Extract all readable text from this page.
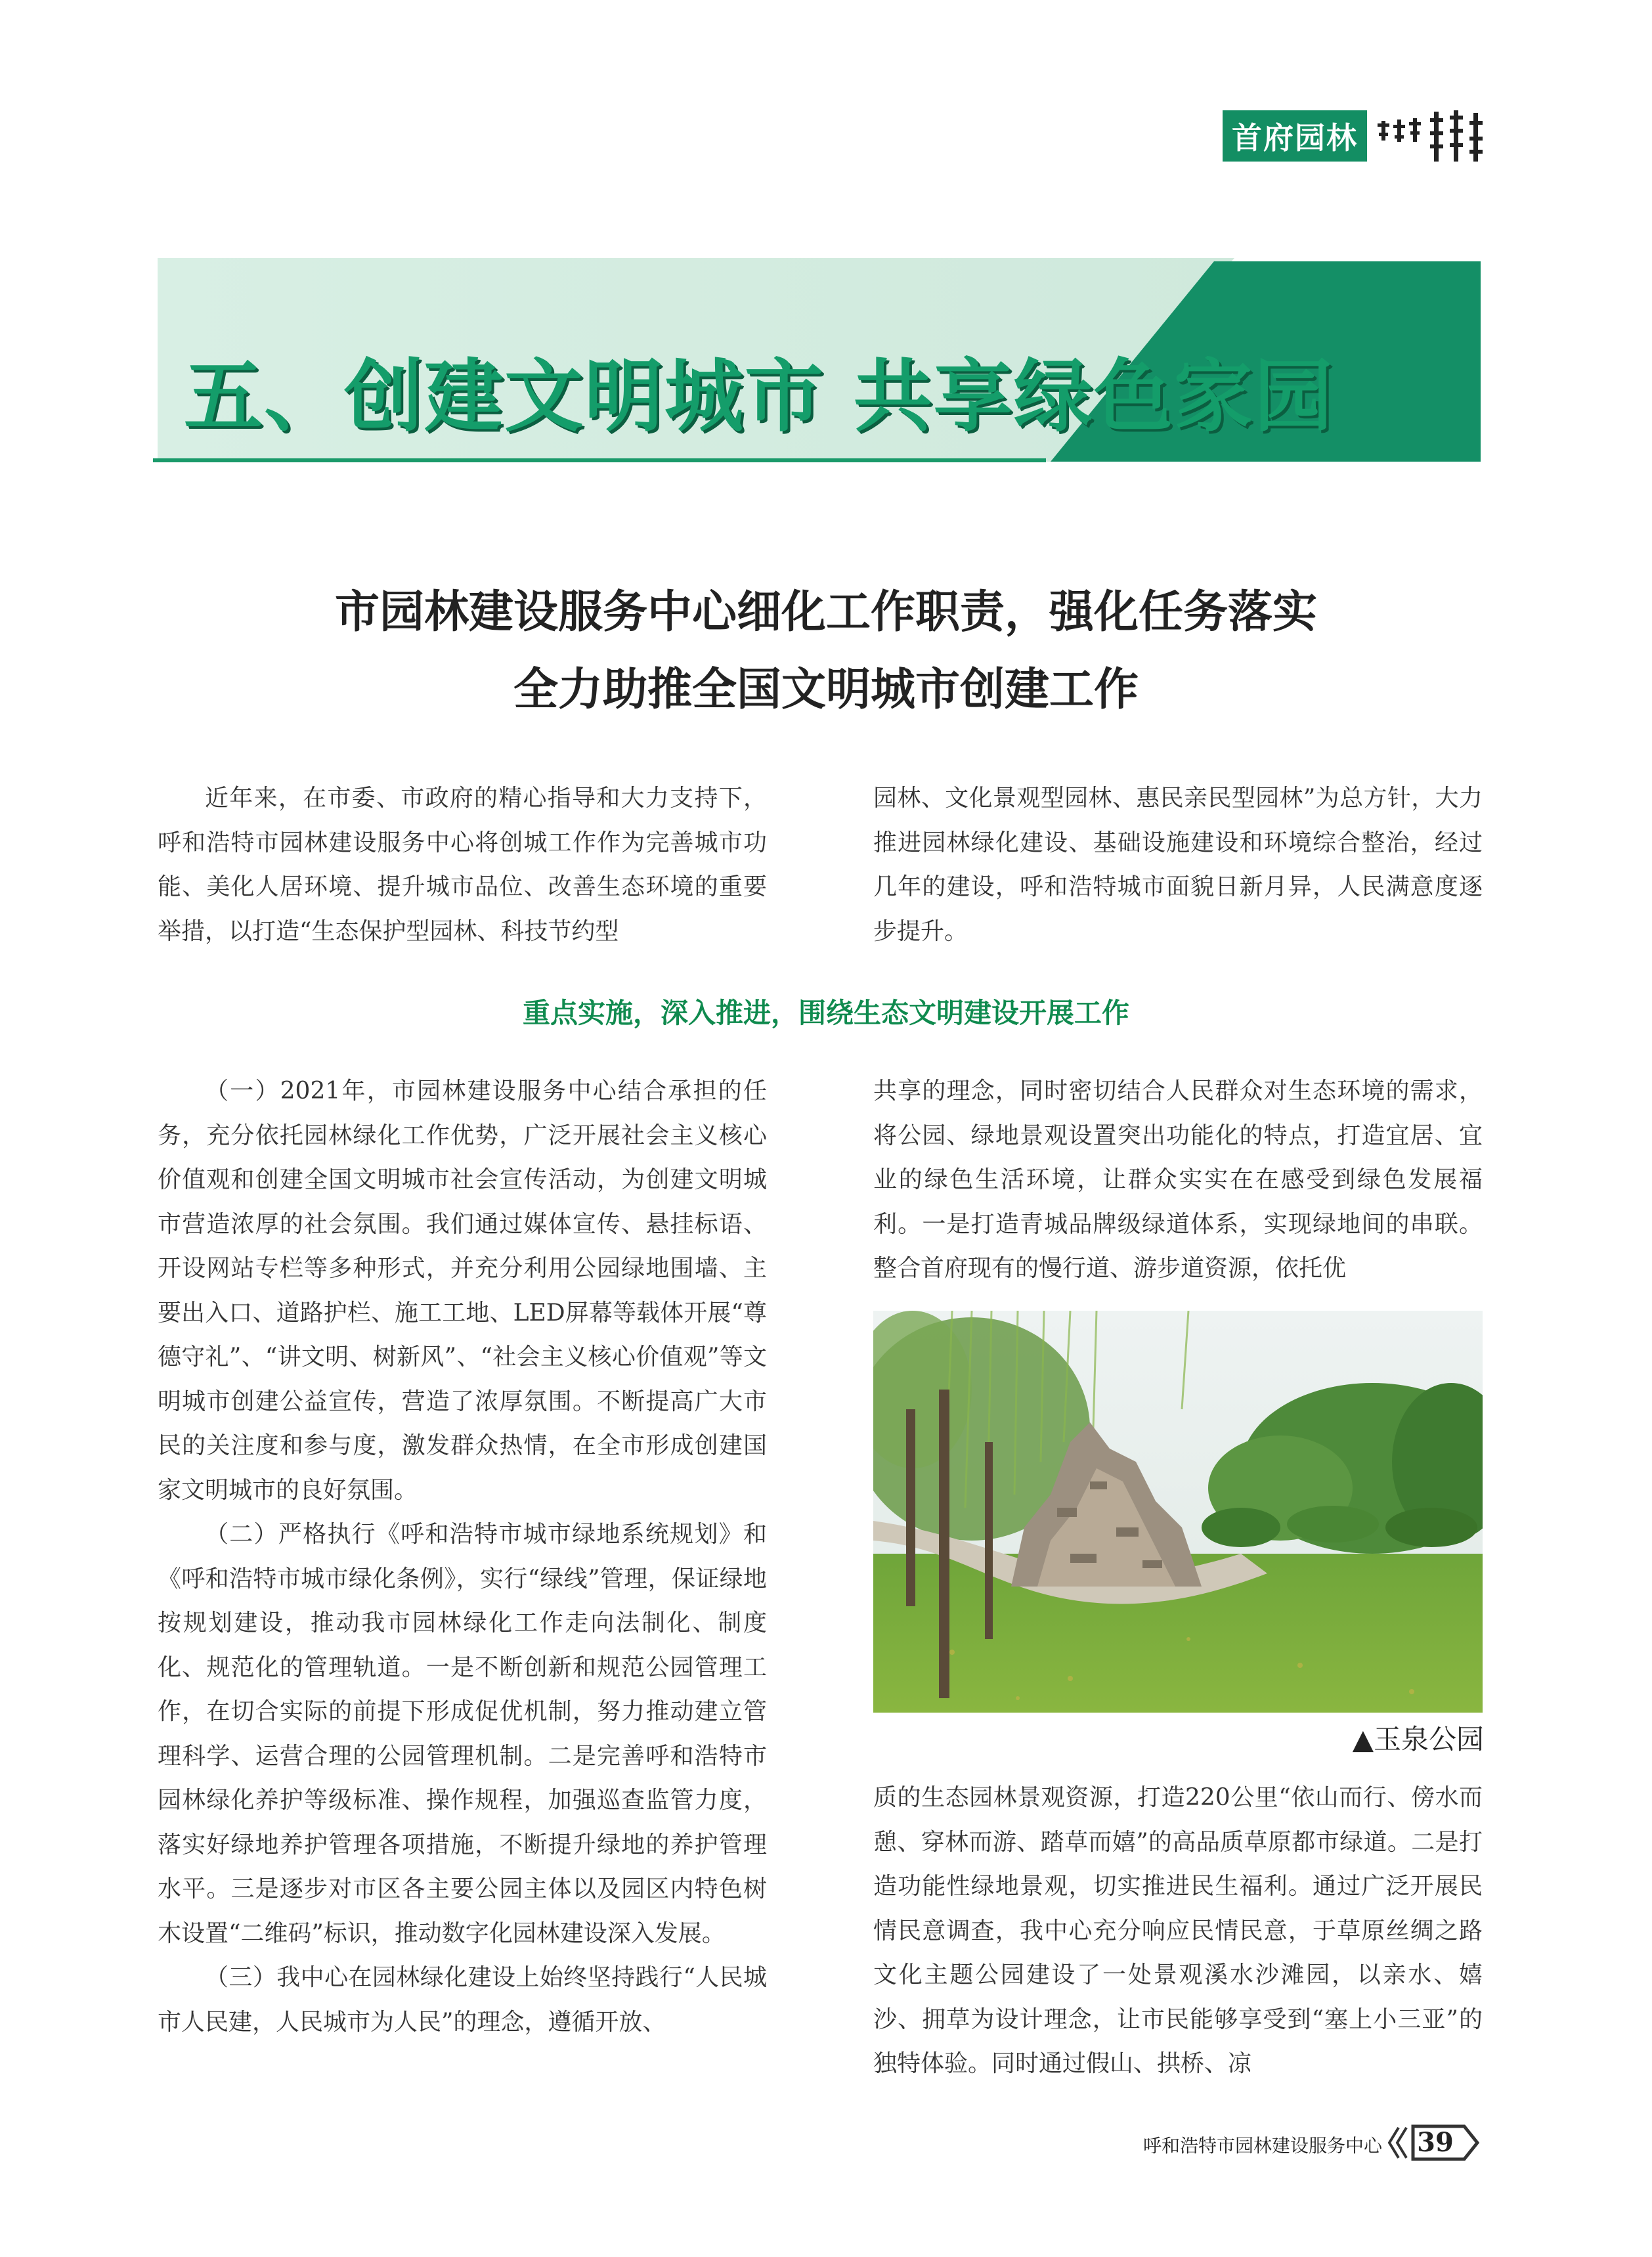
首府园林
五、创建文明城市 共享绿色家园
市园林建设服务中心细化工作职责，强化任务落实
全力助推全国文明城市创建工作

近年来，在市委、市政府的精心指导和大力支持下，呼和浩特市园林建设服务中心将创城工作作为完善城市功能、美化人居环境、提升城市品位、改善生态环境的重要举措，以打造“生态保护型园林、科技节约型

园林、文化景观型园林、惠民亲民型园林”为总方针，大力推进园林绿化建设、基础设施建设和环境综合整治，经过几年的建设，呼和浩特城市面貌日新月异，人民满意度逐步提升。

重点实施，深入推进，围绕生态文明建设开展工作

（一）2021年，市园林建设服务中心结合承担的任务，充分依托园林绿化工作优势，广泛开展社会主义核心价值观和创建全国文明城市社会宣传活动，为创建文明城市营造浓厚的社会氛围。我们通过媒体宣传、悬挂标语、开设网站专栏等多种形式，并充分利用公园绿地围墙、主要出入口、道路护栏、施工工地、LED屏幕等载体开展“尊德守礼”、“讲文明、树新风”、“社会主义核心价值观”等文明城市创建公益宣传，营造了浓厚氛围。不断提高广大市民的关注度和参与度，激发群众热情，在全市形成创建国家文明城市的良好氛围。

（二）严格执行《呼和浩特市城市绿地系统规划》和《呼和浩特市城市绿化条例》，实行“绿线”管理，保证绿地按规划建设，推动我市园林绿化工作走向法制化、制度化、规范化的管理轨道。一是不断创新和规范公园管理工作，在切合实际的前提下形成促优机制，努力推动建立管理科学、运营合理的公园管理机制。二是完善呼和浩特市园林绿化养护等级标准、操作规程，加强巡查监管力度，落实好绿地养护管理各项措施，不断提升绿地的养护管理水平。三是逐步对市区各主要公园主体以及园区内特色树木设置“二维码”标识，推动数字化园林建设深入发展。

（三）我中心在园林绿化建设上始终坚持践行“人民城市人民建，人民城市为人民”的理念，遵循开放、

共享的理念，同时密切结合人民群众对生态环境的需求，将公园、绿地景观设置突出功能化的特点，打造宜居、宜业的绿色生活环境，让群众实实在在感受到绿色发展福利。一是打造青城品牌级绿道体系，实现绿地间的串联。整合首府现有的慢行道、游步道资源，依托优

▲玉泉公园

质的生态园林景观资源，打造220公里“依山而行、傍水而憩、穿林而游、踏草而嬉”的高品质草原都市绿道。二是打造功能性绿地景观，切实推进民生福利。通过广泛开展民情民意调查，我中心充分响应民情民意，于草原丝绸之路文化主题公园建设了一处景观溪水沙滩园，以亲水、嬉沙、拥草为设计理念，让市民能够享受到“塞上小三亚”的独特体验。同时通过假山、拱桥、凉

呼和浩特市园林建设服务中心 39
